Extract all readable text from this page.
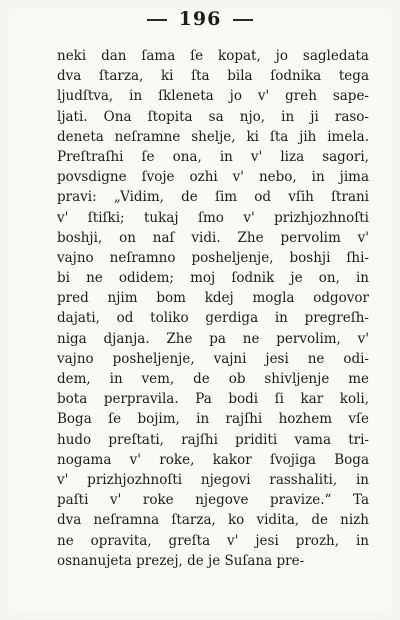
196
neki dan ſama ſe kopat, jo sagledata
dva ſtarza, ki ſta bila ſodnika tega
ljudſtva, in ſkleneta jo v' greh sape-
ljati. Ona ſtopita sa njo, in ji raso-
deneta neſramne shelje, ki ſta jih imela.
Preſtraſhi ſe ona, in v' liza sagori,
povsdigne ſvoje ozhi v' nebo, in jima
pravi: „Vidim, de ſim od vſih ſtrani
v' ſtiſki; tukaj ſmo v' prizhjozhnoſti
boshji, on naſ vidi. Zhe pervolim v'
vajno neſramno posheljenje, boshji ſhi-
bi ne odidem; moj ſodnik je on, in
pred njim bom kdej mogla odgovor
dajati, od toliko gerdiga in pregreſh-
niga djanja. Zhe pa ne pervolim, v'
vajno posheljenje, vajni jesi ne odi-
dem, in vem, de ob shivljenje me
bota perpravila. Pa bodi ſi kar koli,
Boga ſe bojim, in rajſhi hozhem vſe
hudo preſtati, rajſhi priditi vama tri-
nogama v' roke, kakor ſvojiga Boga
v' prizhjozhnoſti njegovi rasshaliti, in
paſti v' roke njegove pravize.“ Ta
dva neſramna ſtarza, ko vidita, de nizh
ne opravita, greſta v' jesi prozh, in
osnanujeta prezej, de je Suſana pre-
